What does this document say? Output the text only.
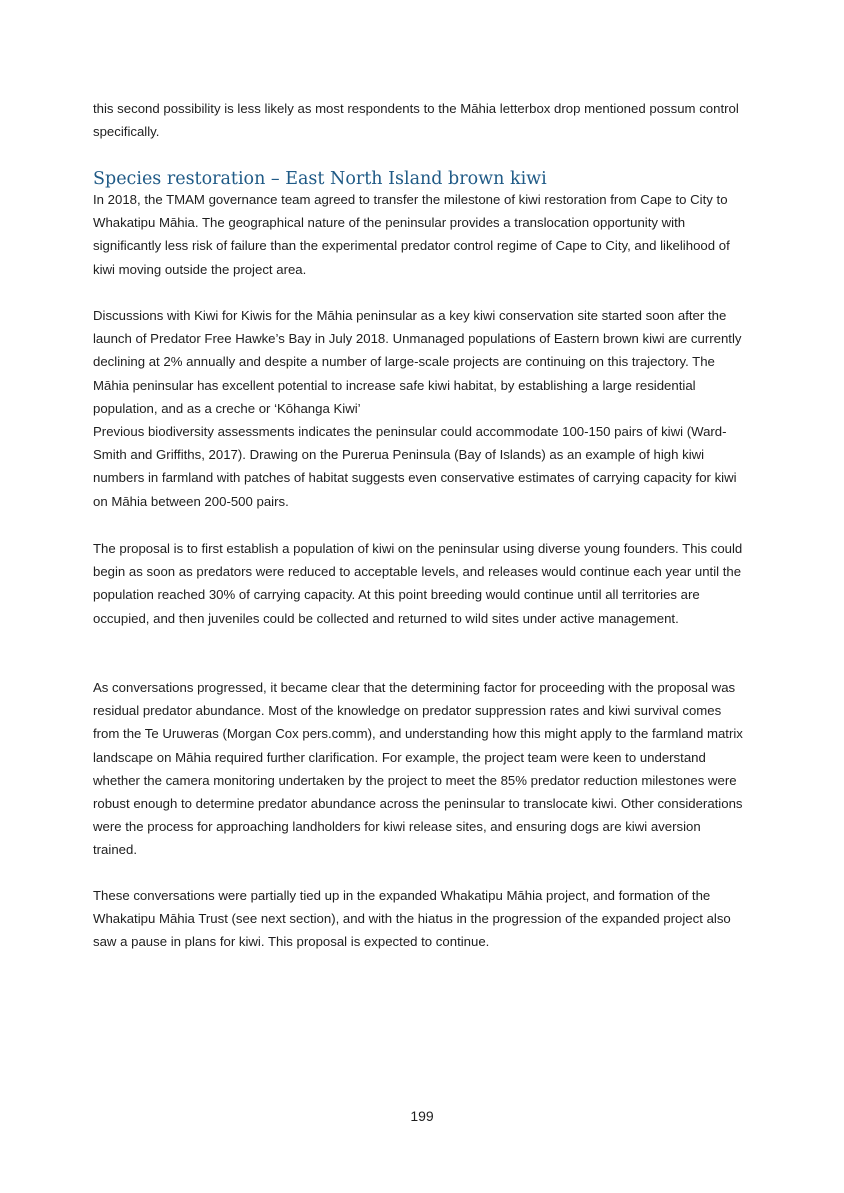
this second possibility is less likely as most respondents to the Māhia letterbox drop mentioned possum control specifically.

Species restoration – East North Island brown kiwi

In 2018, the TMAM governance team agreed to transfer the milestone of kiwi restoration from Cape to City to Whakatipu Māhia. The geographical nature of the peninsular provides a translocation opportunity with significantly less risk of failure than the experimental predator control regime of Cape to City, and likelihood of kiwi moving outside the project area.

Discussions with Kiwi for Kiwis for the Māhia peninsular as a key kiwi conservation site started soon after the launch of Predator Free Hawke’s Bay in July 2018. Unmanaged populations of Eastern brown kiwi are currently declining at 2% annually and despite a number of large-scale projects are continuing on this trajectory. The Māhia peninsular has excellent potential to increase safe kiwi habitat, by establishing a large residential population, and as a creche or ‘Kōhanga Kiwi’

Previous biodiversity assessments indicates the peninsular could accommodate 100-150 pairs of kiwi (Ward-Smith and Griffiths, 2017). Drawing on the Purerua Peninsula (Bay of Islands) as an example of high kiwi numbers in farmland with patches of habitat suggests even conservative estimates of carrying capacity for kiwi on Māhia between 200-500 pairs.

The proposal is to first establish a population of kiwi on the peninsular using diverse young founders. This could begin as soon as predators were reduced to acceptable levels, and releases would continue each year until the population reached 30% of carrying capacity. At this point breeding would continue until all territories are occupied, and then juveniles could be collected and returned to wild sites under active management.

As conversations progressed, it became clear that the determining factor for proceeding with the proposal was residual predator abundance. Most of the knowledge on predator suppression rates and kiwi survival comes from the Te Uruweras (Morgan Cox pers.comm), and understanding how this might apply to the farmland matrix landscape on Māhia required further clarification. For example, the project team were keen to understand whether the camera monitoring undertaken by the project to meet the 85% predator reduction milestones were robust enough to determine predator abundance across the peninsular to translocate kiwi. Other considerations were the process for approaching landholders for kiwi release sites, and ensuring dogs are kiwi aversion trained.

These conversations were partially tied up in the expanded Whakatipu Māhia project, and formation of the Whakatipu Māhia Trust (see next section), and with the hiatus in the progression of the expanded project also saw a pause in plans for kiwi. This proposal is expected to continue.

199
